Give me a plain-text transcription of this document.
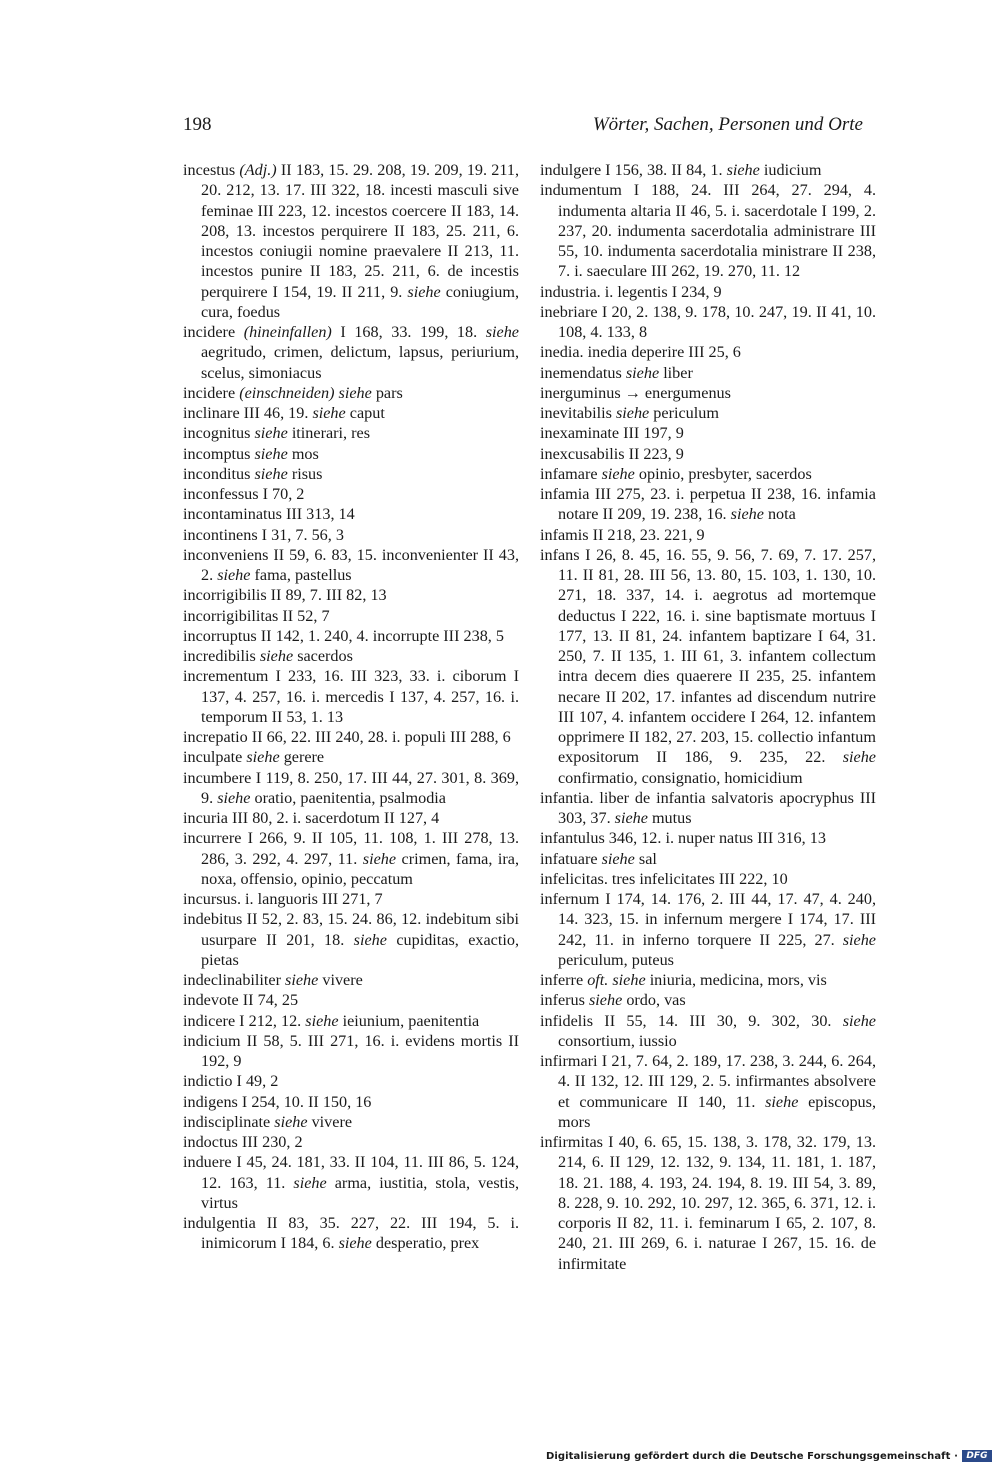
198	Wörter, Sachen, Personen und Orte

incestus (Adj.) II 183, 15. 29. 208, 19. 209, 19. 211, 20. 212, 13. 17. III 322, 18. incesti masculi sive feminae III 223, 12. incestos coercere II 183, 14. 208, 13. incestos perquirere II 183, 25. 211, 6. incestos coniugii nomine praevalere II 213, 11. incestos punire II 183, 25. 211, 6. de incestis perquirere I 154, 19. II 211, 9. siehe coniugium, cura, foedus

incidere (hineinfallen) I 168, 33. 199, 18. siehe aegritudo, crimen, delictum, lapsus, periurium, scelus, simoniacus

incidere (einschneiden) siehe pars

inclinare III 46, 19. siehe caput

incognitus siehe itinerari, res

incomptus siehe mos

inconditus siehe risus

inconfessus I 70, 2

incontaminatus III 313, 14

incontinens I 31, 7. 56, 3

inconveniens II 59, 6. 83, 15. inconvenienter II 43, 2. siehe fama, pastellus

incorrigibilis II 89, 7. III 82, 13

incorrigibilitas II 52, 7

incorruptus II 142, 1. 240, 4. incorrupte III 238, 5

incredibilis siehe sacerdos

incrementum I 233, 16. III 323, 33. i. ciborum I 137, 4. 257, 16. i. mercedis I 137, 4. 257, 16. i. temporum II 53, 1. 13

increpatio II 66, 22. III 240, 28. i. populi III 288, 6

inculpate siehe gerere

incumbere I 119, 8. 250, 17. III 44, 27. 301, 8. 369, 9. siehe oratio, paenitentia, psalmodia

incuria III 80, 2. i. sacerdotum II 127, 4

incurrere I 266, 9. II 105, 11. 108, 1. III 278, 13. 286, 3. 292, 4. 297, 11. siehe crimen, fama, ira, noxa, offensio, opinio, peccatum

incursus. i. languoris III 271, 7

indebitus II 52, 2. 83, 15. 24. 86, 12. indebitum sibi usurpare II 201, 18. siehe cupiditas, exactio, pietas

indeclinabiliter siehe vivere

indevote II 74, 25

indicere I 212, 12. siehe ieiunium, paenitentia

indicium II 58, 5. III 271, 16. i. evidens mortis II 192, 9

indictio I 49, 2

indigens I 254, 10. II 150, 16

indisciplinate siehe vivere

indoctus III 230, 2

induere I 45, 24. 181, 33. II 104, 11. III 86, 5. 124, 12. 163, 11. siehe arma, iustitia, stola, vestis, virtus

indulgentia II 83, 35. 227, 22. III 194, 5. i. inimicorum I 184, 6. siehe desperatio, prex

indulgere I 156, 38. II 84, 1. siehe iudicium

indumentum I 188, 24. III 264, 27. 294, 4. indumenta altaria II 46, 5. i. sacerdotale I 199, 2. 237, 20. indumenta sacerdotalia administrare III 55, 10. indumenta sacerdotalia ministrare II 238, 7. i. saeculare III 262, 19. 270, 11. 12

industria. i. legentis I 234, 9

inebriare I 20, 2. 138, 9. 178, 10. 247, 19. II 41, 10. 108, 4. 133, 8

inedia. inedia deperire III 25, 6

inemendatus siehe liber

inerguminus → energumenus

inevitabilis siehe periculum

inexaminate III 197, 9

inexcusabilis II 223, 9

infamare siehe opinio, presbyter, sacerdos

infamia III 275, 23. i. perpetua II 238, 16. infamia notare II 209, 19. 238, 16. siehe nota

infamis II 218, 23. 221, 9

infans I 26, 8. 45, 16. 55, 9. 56, 7. 69, 7. 17. 257, 11. II 81, 28. III 56, 13. 80, 15. 103, 1. 130, 10. 271, 18. 337, 14. i. aegrotus ad mortemque deductus I 222, 16. i. sine baptismate mortuus I 177, 13. II 81, 24. infantem baptizare I 64, 31. 250, 7. II 135, 1. III 61, 3. infantem collectum intra decem dies quaerere II 235, 25. infantem necare II 202, 17. infantes ad discendum nutrire III 107, 4. infantem occidere I 264, 12. infantem opprimere II 182, 27. 203, 15. collectio infantum expositorum II 186, 9. 235, 22. siehe confirmatio, consignatio, homicidium

infantia. liber de infantia salvatoris apocryphus III 303, 37. siehe mutus

infantulus 346, 12. i. nuper natus III 316, 13

infatuare siehe sal

infelicitas. tres infelicitates III 222, 10

infernum I 174, 14. 176, 2. III 44, 17. 47, 4. 240, 14. 323, 15. in infernum mergere I 174, 17. III 242, 11. in inferno torquere II 225, 27. siehe periculum, puteus

inferre oft. siehe iniuria, medicina, mors, vis

inferus siehe ordo, vas

infidelis II 55, 14. III 30, 9. 302, 30. siehe consortium, iussio

infirmari I 21, 7. 64, 2. 189, 17. 238, 3. 244, 6. 264, 4. II 132, 12. III 129, 2. 5. infirmantes absolvere et communicare II 140, 11. siehe episcopus, mors

infirmitas I 40, 6. 65, 15. 138, 3. 178, 32. 179, 13. 214, 6. II 129, 12. 132, 9. 134, 11. 181, 1. 187, 18. 21. 188, 4. 193, 24. 194, 8. 19. III 54, 3. 89, 8. 228, 9. 10. 292, 10. 297, 12. 365, 6. 371, 12. i. corporis II 82, 11. i. feminarum I 65, 2. 107, 8. 240, 21. III 269, 6. i. naturae I 267, 15. 16. de infirmitate

Digitalisierung gefördert durch die Deutsche Forschungsgemeinschaft · DFG
